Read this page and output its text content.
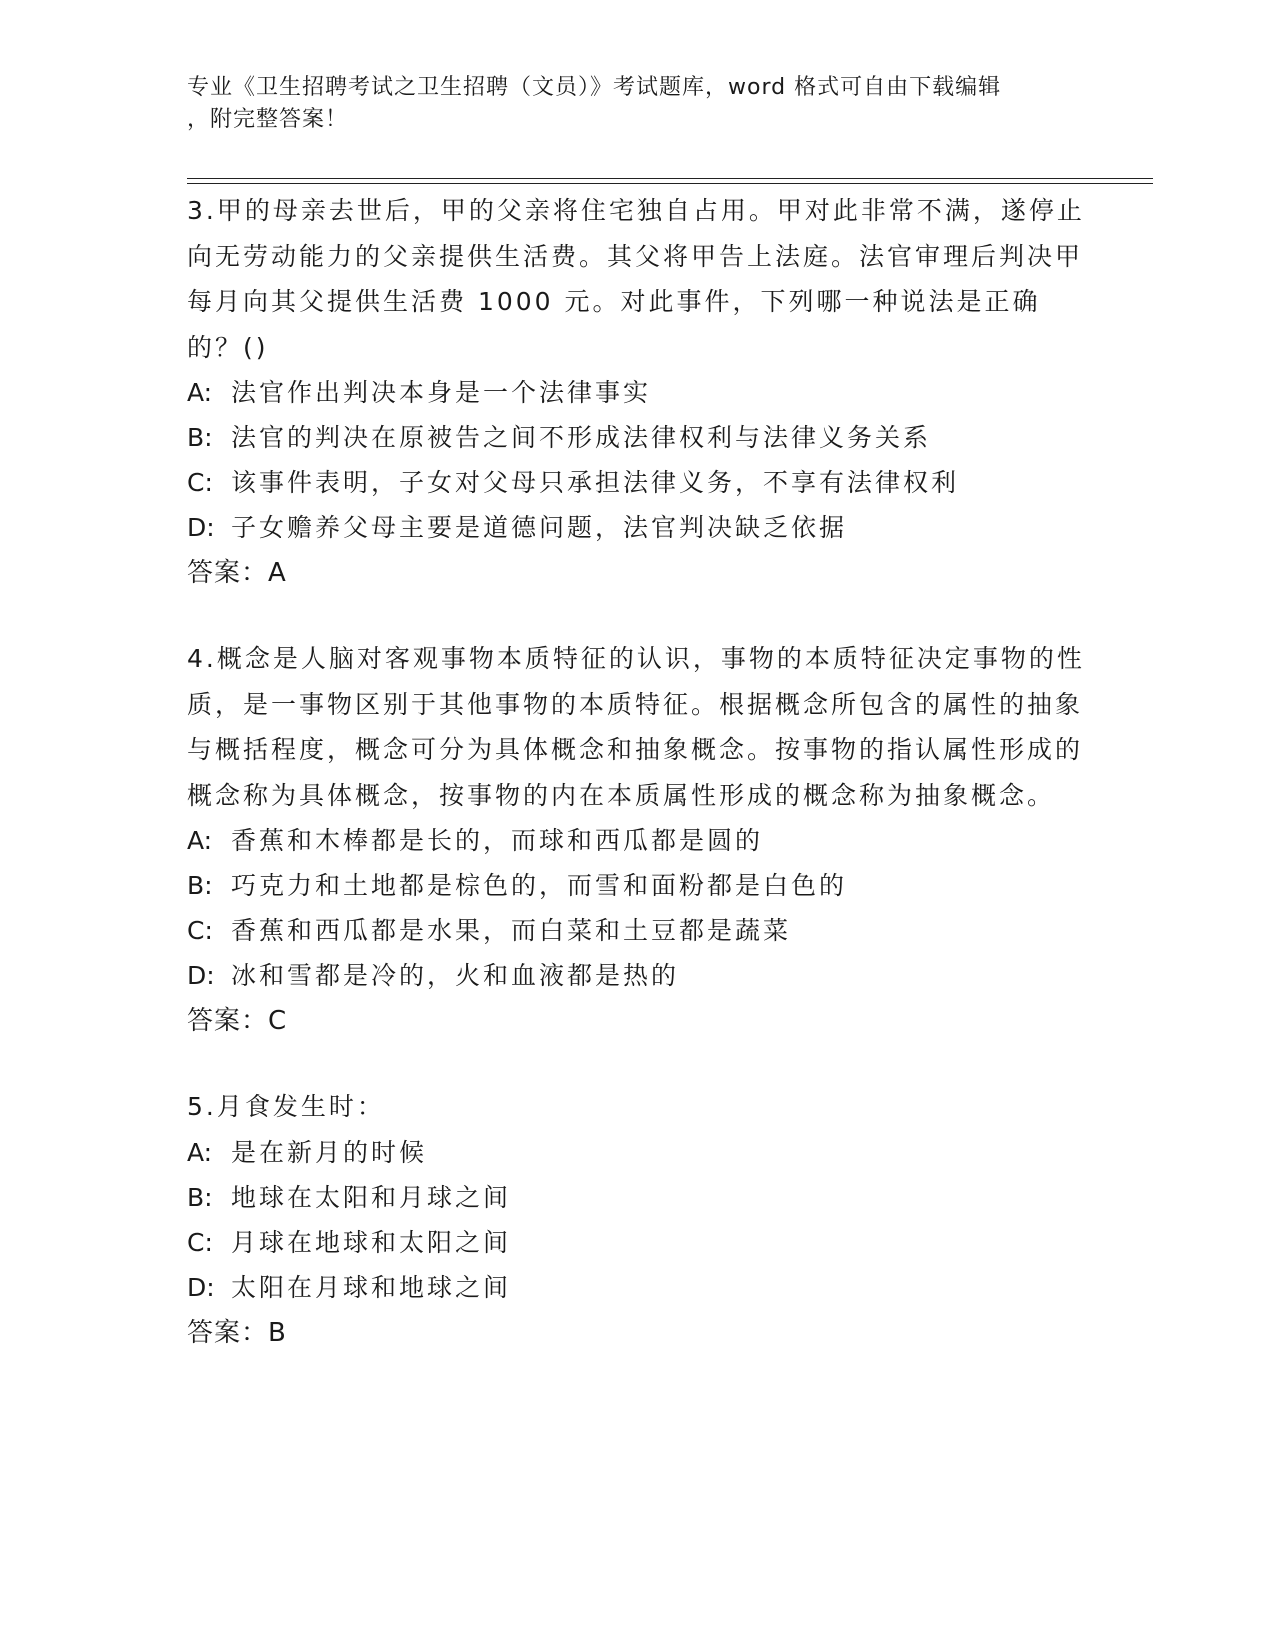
专业《卫生招聘考试之卫生招聘（文员）》考试题库，word 格式可自由下载编辑
，附完整答案！
3.甲的母亲去世后，甲的父亲将住宅独自占用。甲对此非常不满，遂停止向无劳动能力的父亲提供生活费。其父将甲告上法庭。法官审理后判决甲每月向其父提供生活费 1000 元。对此事件，下列哪一种说法是正确的？()
A: 法官作出判决本身是一个法律事实
B: 法官的判决在原被告之间不形成法律权利与法律义务关系
C: 该事件表明，子女对父母只承担法律义务，不享有法律权利
D: 子女赡养父母主要是道德问题，法官判决缺乏依据
答案：A
4.概念是人脑对客观事物本质特征的认识，事物的本质特征决定事物的性质，是一事物区别于其他事物的本质特征。根据概念所包含的属性的抽象与概括程度，概念可分为具体概念和抽象概念。按事物的指认属性形成的概念称为具体概念，按事物的内在本质属性形成的概念称为抽象概念。
A: 香蕉和木棒都是长的，而球和西瓜都是圆的
B: 巧克力和土地都是棕色的，而雪和面粉都是白色的
C: 香蕉和西瓜都是水果，而白菜和土豆都是蔬菜
D: 冰和雪都是冷的，火和血液都是热的
答案：C
5.月食发生时：
A: 是在新月的时候
B: 地球在太阳和月球之间
C: 月球在地球和太阳之间
D: 太阳在月球和地球之间
答案：B
